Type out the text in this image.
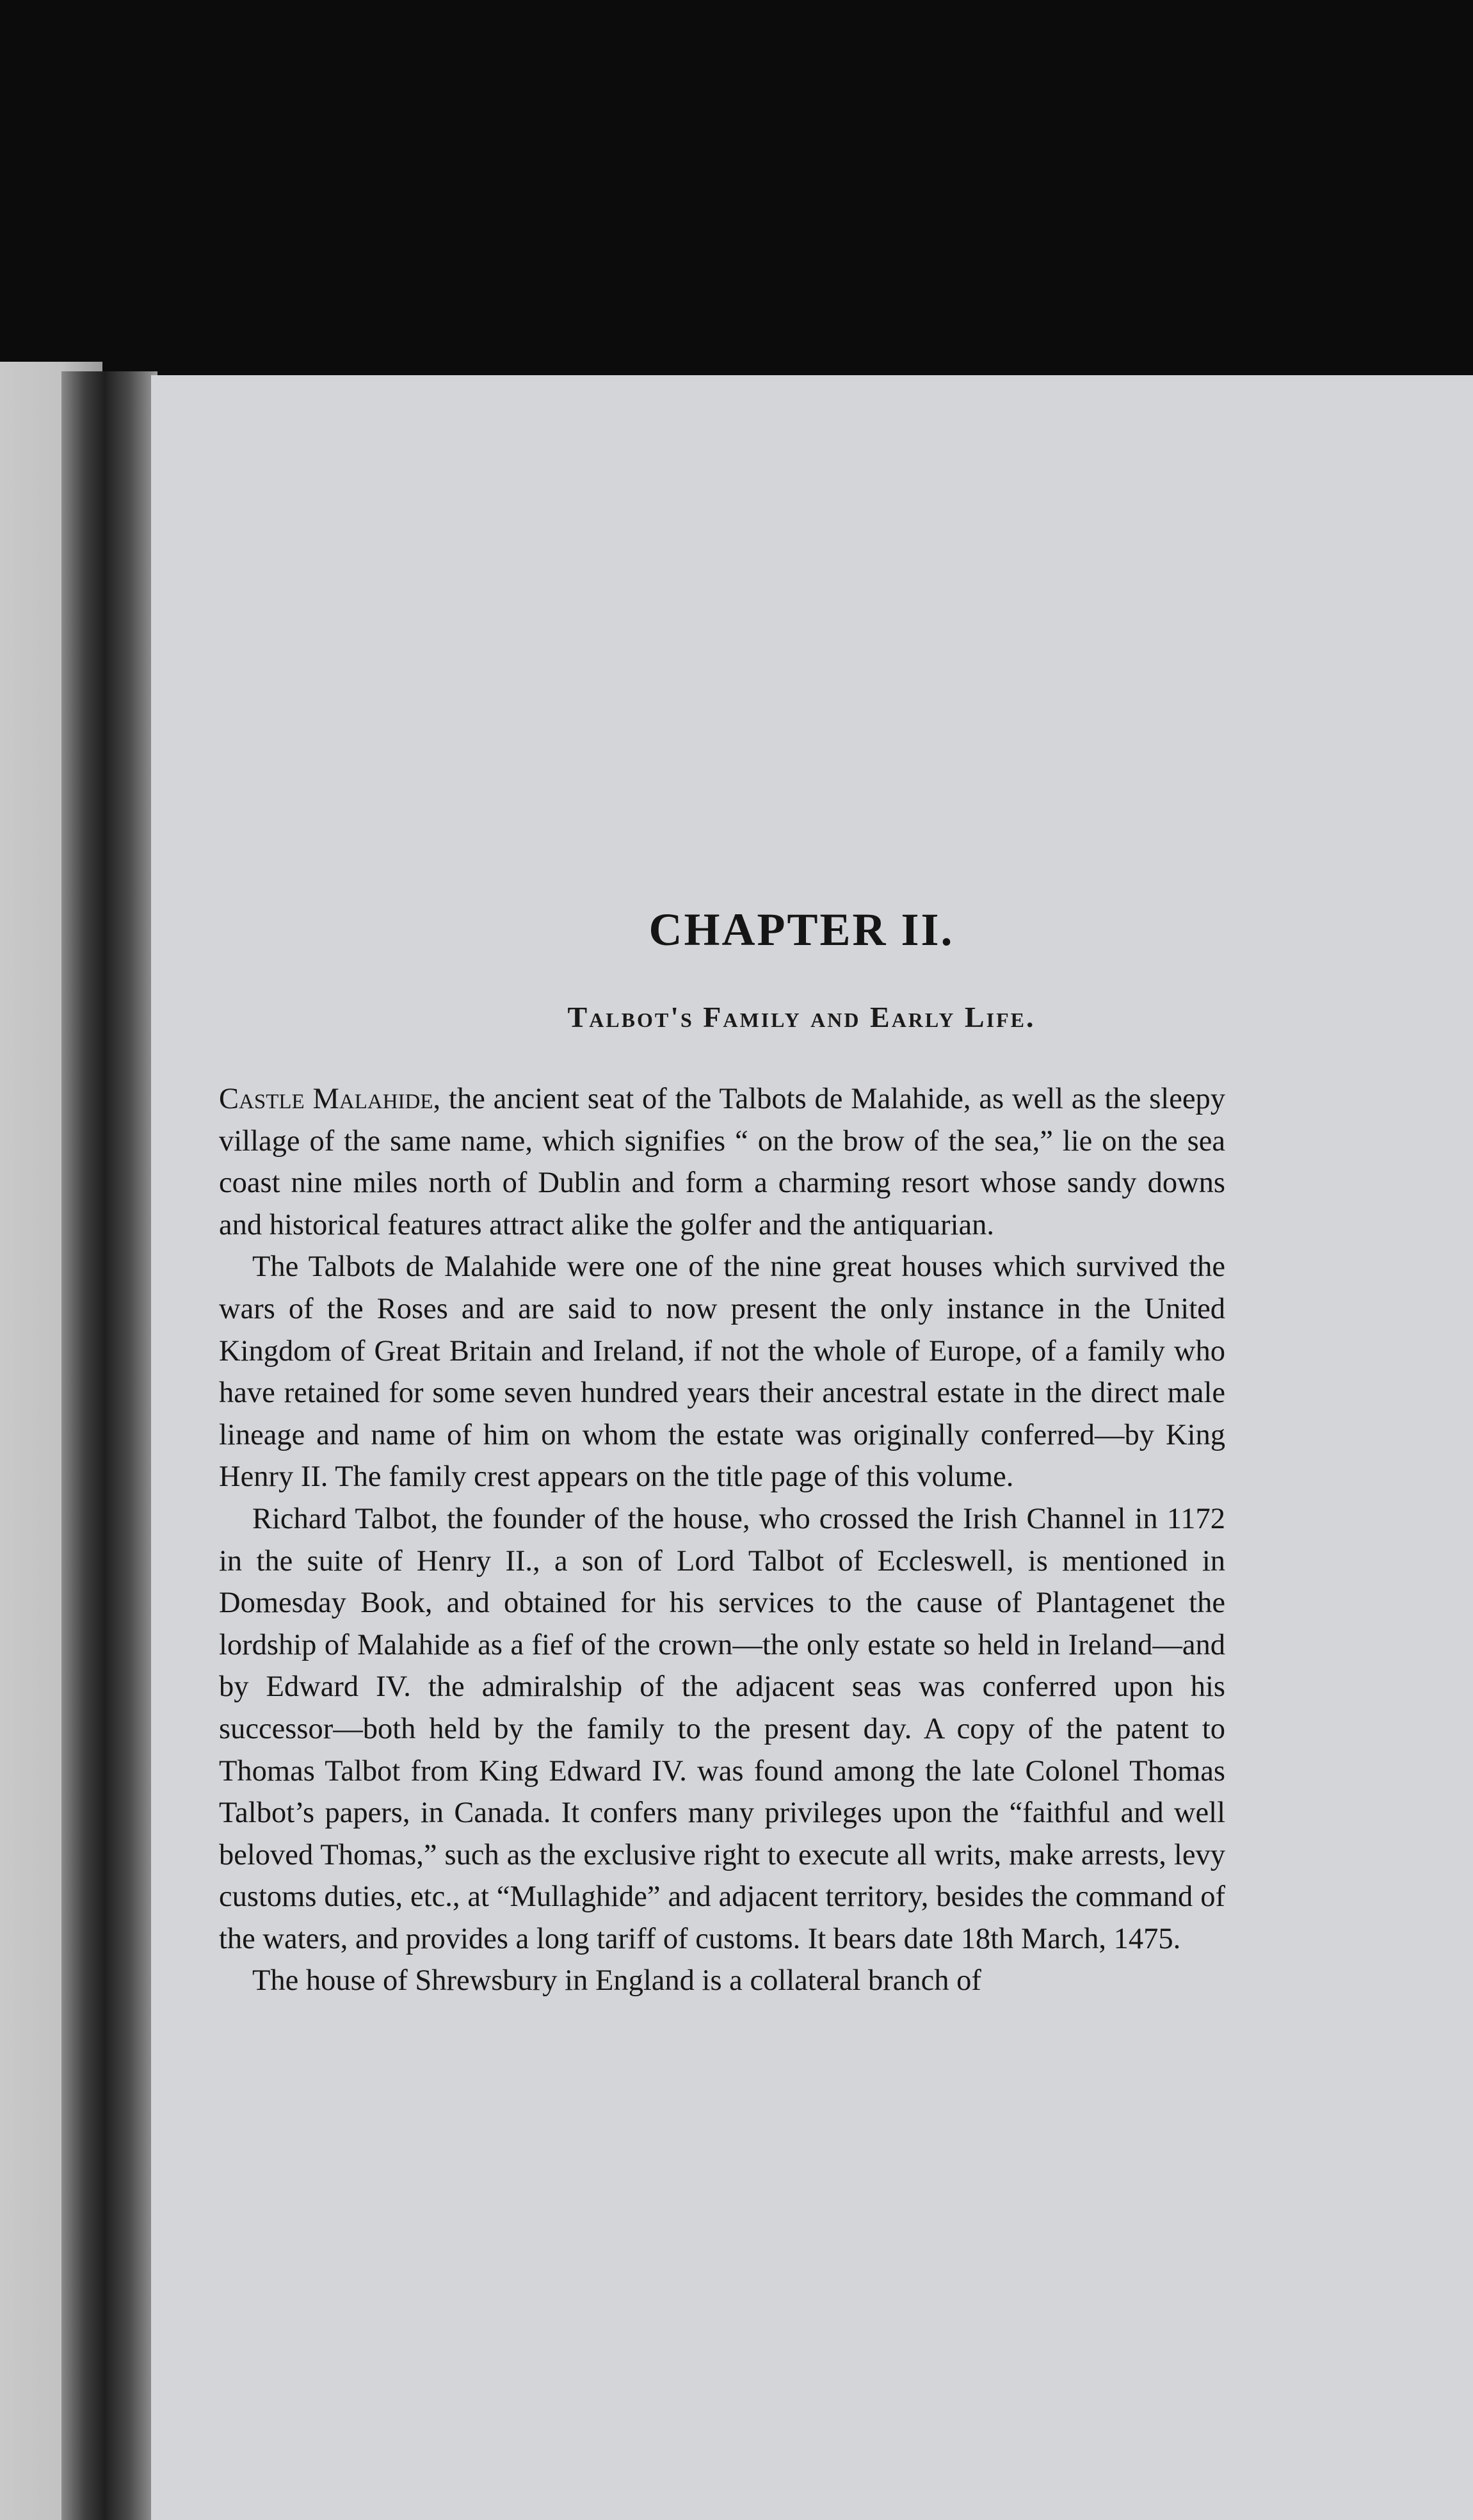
CHAPTER II.
Talbot's Family and Early Life.

Castle Malahide, the ancient seat of the Talbots de Malahide, as well as the sleepy village of the same name, which signifies “ on the brow of the sea,” lie on the sea coast nine miles north of Dublin and form a charming resort whose sandy downs and historical features attract alike the golfer and the antiquarian.

The Talbots de Malahide were one of the nine great houses which survived the wars of the Roses and are said to now present the only instance in the United Kingdom of Great Britain and Ireland, if not the whole of Europe, of a family who have retained for some seven hundred years their ancestral estate in the direct male lineage and name of him on whom the estate was originally conferred—by King Henry II. The family crest appears on the title page of this volume.

Richard Talbot, the founder of the house, who crossed the Irish Channel in 1172 in the suite of Henry II., a son of Lord Talbot of Eccleswell, is mentioned in Domesday Book, and obtained for his services to the cause of Plantagenet the lordship of Malahide as a fief of the crown—the only estate so held in Ireland—and by Edward IV. the admiralship of the adjacent seas was conferred upon his successor—both held by the family to the present day. A copy of the patent to Thomas Talbot from King Edward IV. was found among the late Colonel Thomas Talbot’s papers, in Canada. It confers many privileges upon the “faithful and well beloved Thomas,” such as the exclusive right to execute all writs, make arrests, levy customs duties, etc., at “Mullaghide” and adjacent territory, besides the command of the waters, and provides a long tariff of customs. It bears date 18th March, 1475.

The house of Shrewsbury in England is a collateral branch of
